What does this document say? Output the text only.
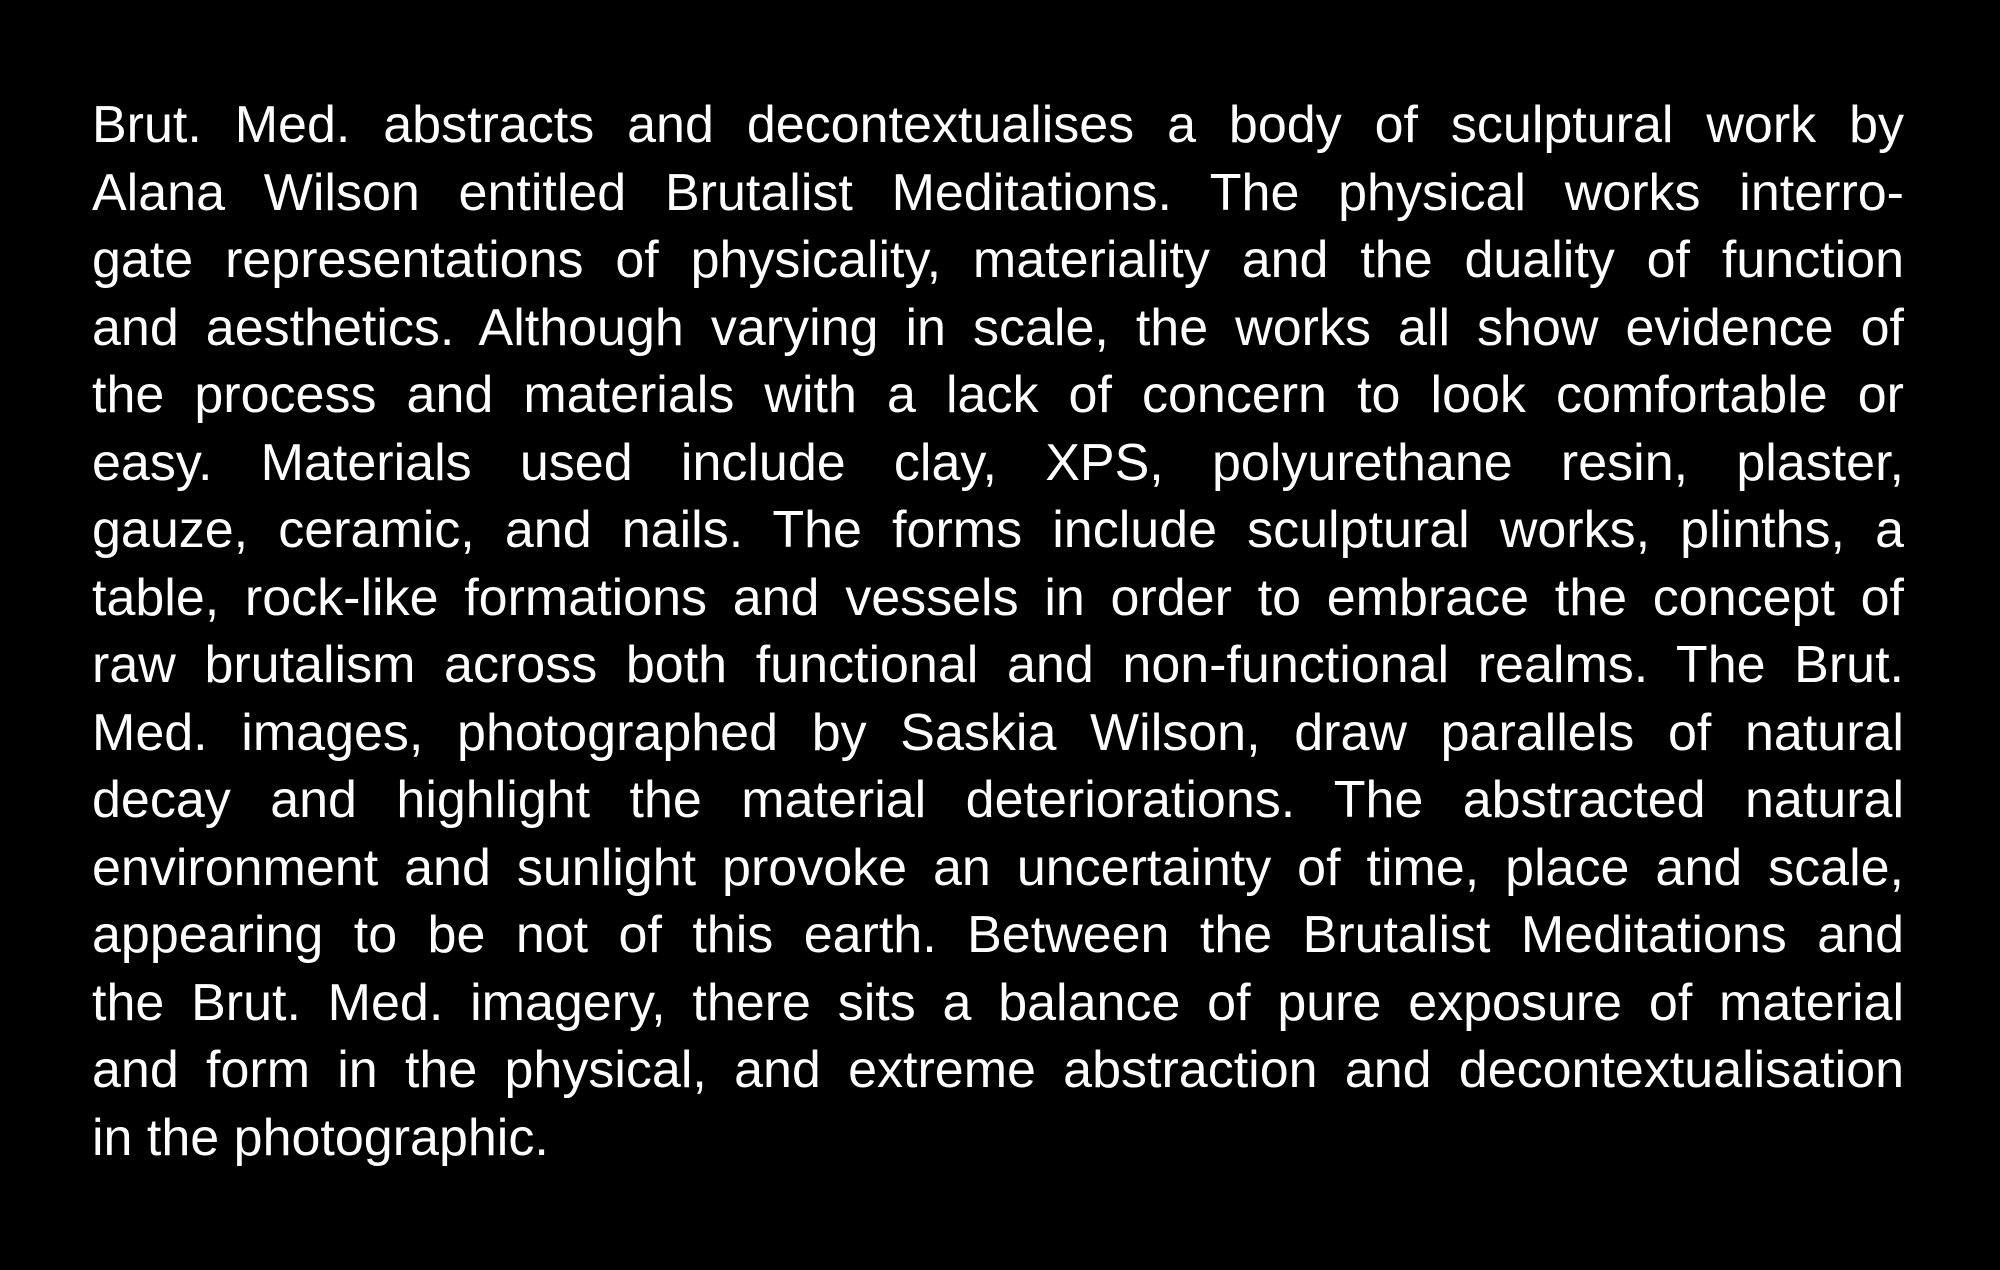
Brut. Med. abstracts and decontextualises a body of sculptural work by
Alana Wilson entitled Brutalist Meditations. The physical works interro-
gate representations of physicality, materiality and the duality of function
and aesthetics. Although varying in scale, the works all show evidence of
the process and materials with a lack of concern to look comfortable or
easy. Materials used include clay, XPS, polyurethane resin, plaster,
gauze, ceramic, and nails. The forms include sculptural works, plinths, a
table, rock-like formations and vessels in order to embrace the concept of
raw brutalism across both functional and non-functional realms. The Brut.
Med. images, photographed by Saskia Wilson, draw parallels of natural
decay and highlight the material deteriorations. The abstracted natural
environment and sunlight provoke an uncertainty of time, place and scale,
appearing to be not of this earth. Between the Brutalist Meditations and
the Brut. Med. imagery, there sits a balance of pure exposure of material
and form in the physical, and extreme abstraction and decontextualisation
in the photographic.
